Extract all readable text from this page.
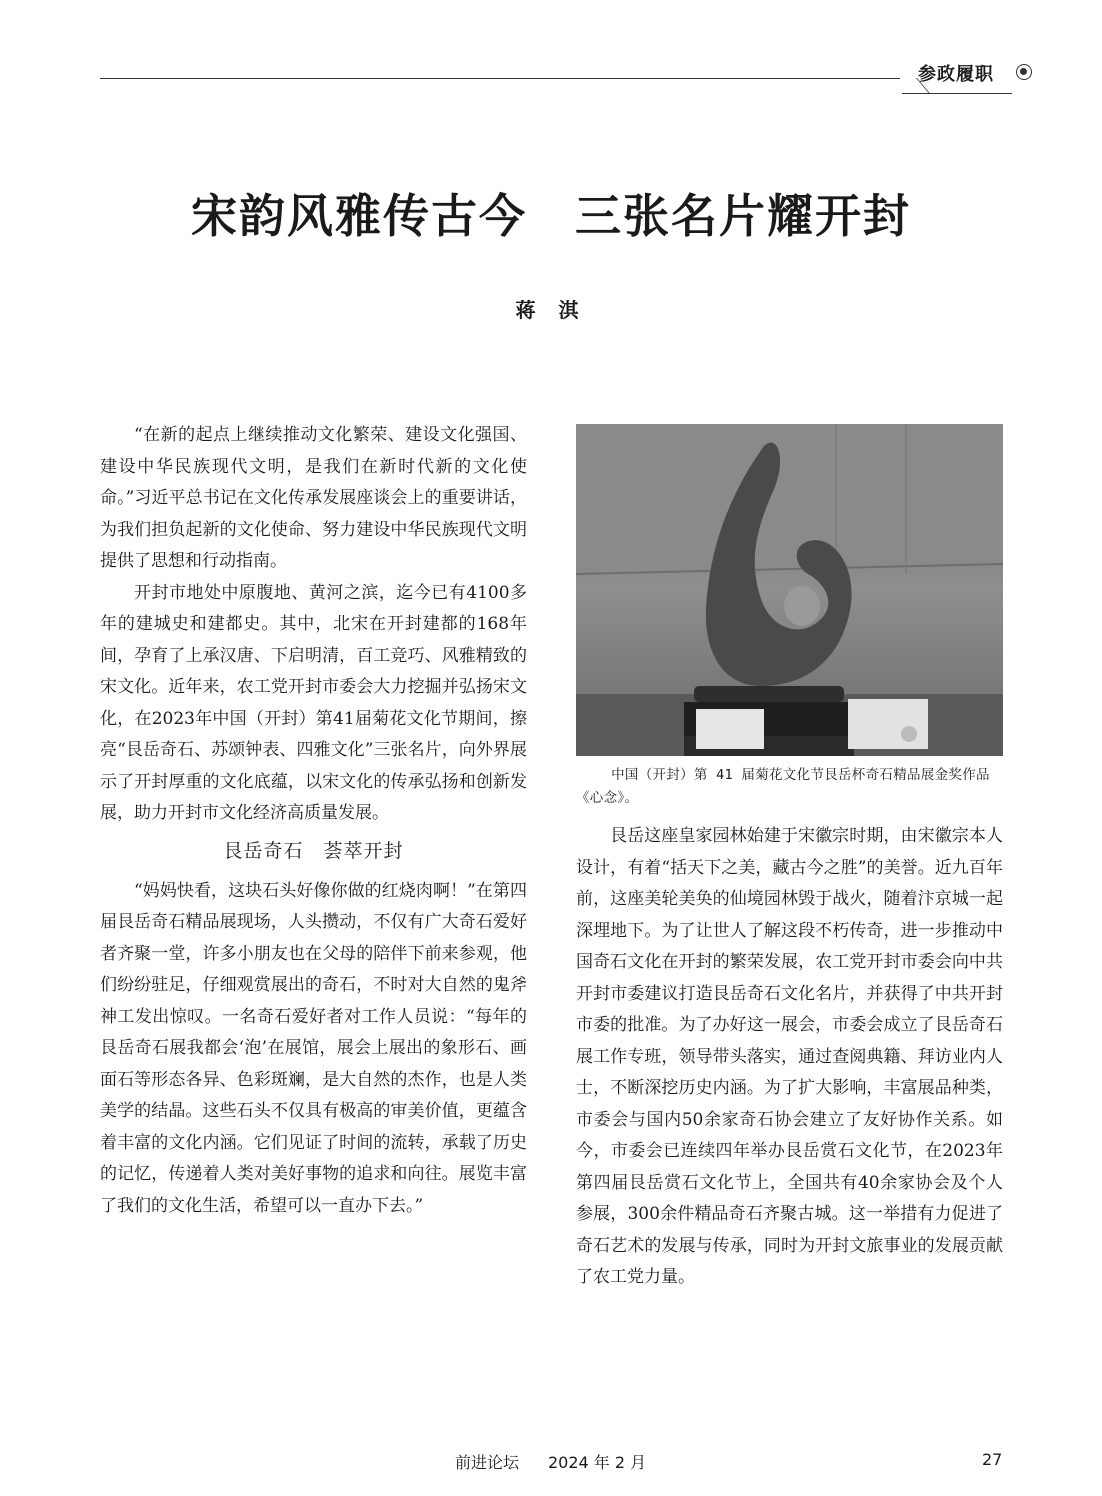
参政履职
宋韵风雅传古今　三张名片耀开封
蒋 淇

“在新的起点上继续推动文化繁荣、建设文化强国、建设中华民族现代文明，是我们在新时代新的文化使命。”习近平总书记在文化传承发展座谈会上的重要讲话，为我们担负起新的文化使命、努力建设中华民族现代文明提供了思想和行动指南。

开封市地处中原腹地、黄河之滨，迄今已有4100多年的建城史和建都史。其中，北宋在开封建都的168年间，孕育了上承汉唐、下启明清，百工竞巧、风雅精致的宋文化。近年来，农工党开封市委会大力挖掘并弘扬宋文化，在2023年中国（开封）第41届菊花文化节期间，擦亮“艮岳奇石、苏颂钟表、四雅文化”三张名片，向外界展示了开封厚重的文化底蕴，以宋文化的传承弘扬和创新发展，助力开封市文化经济高质量发展。

艮岳奇石　荟萃开封

“妈妈快看，这块石头好像你做的红烧肉啊！”在第四届艮岳奇石精品展现场，人头攒动，不仅有广大奇石爱好者齐聚一堂，许多小朋友也在父母的陪伴下前来参观，他们纷纷驻足，仔细观赏展出的奇石，不时对大自然的鬼斧神工发出惊叹。一名奇石爱好者对工作人员说：“每年的艮岳奇石展我都会‘泡’在展馆，展会上展出的象形石、画面石等形态各异、色彩斑斓，是大自然的杰作，也是人类美学的结晶。这些石头不仅具有极高的审美价值，更蕴含着丰富的文化内涵。它们见证了时间的流转，承载了历史的记忆，传递着人类对美好事物的追求和向往。展览丰富了我们的文化生活，希望可以一直办下去。”

中国（开封）第 41 届菊花文化节艮岳杯奇石精品展金奖作品《心念》。

艮岳这座皇家园林始建于宋徽宗时期，由宋徽宗本人设计，有着“括天下之美，藏古今之胜”的美誉。近九百年前，这座美轮美奂的仙境园林毁于战火，随着汴京城一起深埋地下。为了让世人了解这段不朽传奇，进一步推动中国奇石文化在开封的繁荣发展，农工党开封市委会向中共开封市委建议打造艮岳奇石文化名片，并获得了中共开封市委的批准。为了办好这一展会，市委会成立了艮岳奇石展工作专班，领导带头落实，通过查阅典籍、拜访业内人士，不断深挖历史内涵。为了扩大影响，丰富展品种类，市委会与国内50余家奇石协会建立了友好协作关系。如今，市委会已连续四年举办艮岳赏石文化节，在2023年第四届艮岳赏石文化节上，全国共有40余家协会及个人参展，300余件精品奇石齐聚古城。这一举措有力促进了奇石艺术的发展与传承，同时为开封文旅事业的发展贡献了农工党力量。

前进论坛 2024 年 2 月	27
